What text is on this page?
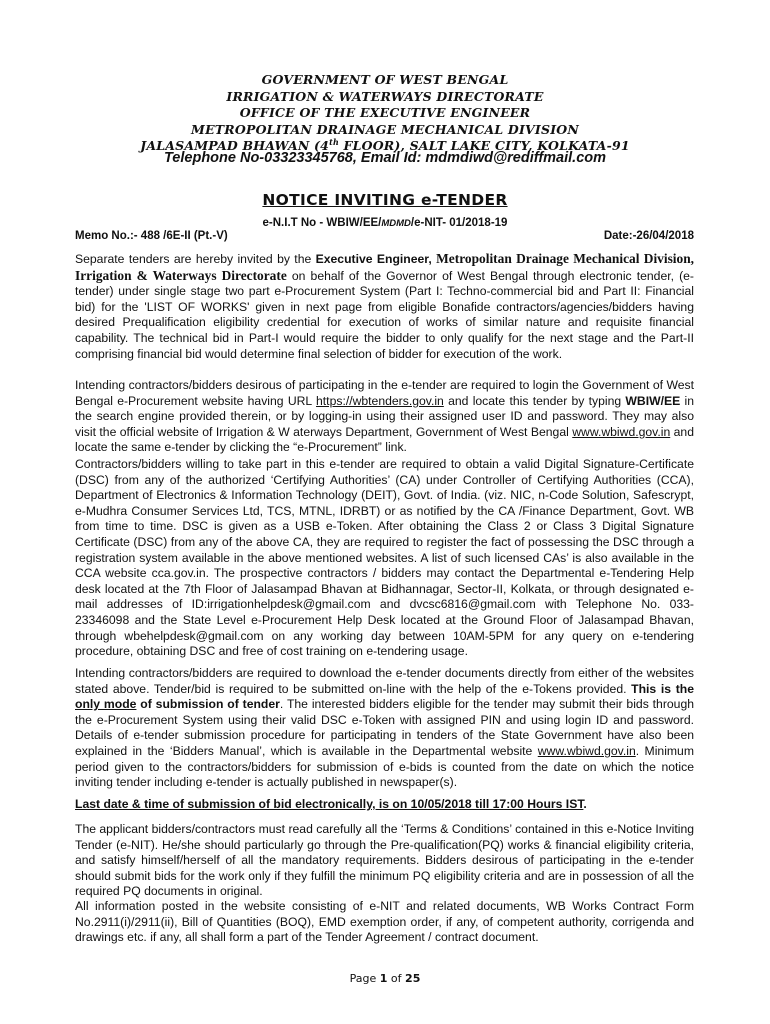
GOVERNMENT OF WEST BENGAL
IRRIGATION & WATERWAYS DIRECTORATE
OFFICE OF THE EXECUTIVE ENGINEER
METROPOLITAN DRAINAGE MECHANICAL DIVISION
JALASAMPAD BHAWAN (4th FLOOR), SALT LAKE CITY, KOLKATA-91
Telephone No-03323345768, Email Id: mdmdiwd@rediffmail.com
NOTICE INVITING e-TENDER
e-N.I.T No - WBIW/EE/MDMD/e-NIT- 01/2018-19
Memo No.:- 488 /6E-II (Pt.-V)	Date:-26/04/2018

Separate tenders are hereby invited by the Executive Engineer, Metropolitan Drainage Mechanical Division, Irrigation & Waterways Directorate on behalf of the Governor of West Bengal through electronic tender, (e-tender) under single stage two part e-Procurement System (Part I: Techno-commercial bid and Part II: Financial bid) for the 'LIST OF WORKS' given in next page from eligible Bonafide contractors/agencies/bidders having desired Prequalification eligibility credential for execution of works of similar nature and requisite financial capability. The technical bid in Part-I would require the bidder to only qualify for the next stage and the Part-II comprising financial bid would determine final selection of bidder for execution of the work.

Intending contractors/bidders desirous of participating in the e-tender are required to login the Government of West Bengal e-Procurement website having URL https://wbtenders.gov.in and locate this tender by typing WBIW/EE in the search engine provided therein, or by logging-in using their assigned user ID and password. They may also visit the official website of Irrigation & W aterways Department, Government of West Bengal www.wbiwd.gov.in and locate the same e-tender by clicking the “e-Procurement” link.

Contractors/bidders willing to take part in this e-tender are required to obtain a valid Digital Signature-Certificate (DSC) from any of the authorized ‘Certifying Authorities’ (CA) under Controller of Certifying Authorities (CCA), Department of Electronics & Information Technology (DEIT), Govt. of India. (viz. NIC, n-Code Solution, Safescrypt, e-Mudhra Consumer Services Ltd, TCS, MTNL, IDRBT) or as notified by the CA /Finance Department, Govt. WB from time to time. DSC is given as a USB e-Token. After obtaining the Class 2 or Class 3 Digital Signature Certificate (DSC) from any of the above CA, they are required to register the fact of possessing the DSC through a registration system available in the above mentioned websites. A list of such licensed CAs’ is also available in the CCA website cca.gov.in. The prospective contractors / bidders may contact the Departmental e-Tendering Help desk located at the 7th Floor of Jalasampad Bhavan at Bidhannagar, Sector-II, Kolkata, or through designated e-mail addresses of ID:irrigationhelpdesk@gmail.com and dvcsc6816@gmail.com with Telephone No. 033-23346098 and the State Level e-Procurement Help Desk located at the Ground Floor of Jalasampad Bhavan, through wbehelpdesk@gmail.com on any working day between 10AM-5PM for any query on e-tendering procedure, obtaining DSC and free of cost training on e-tendering usage.

Intending contractors/bidders are required to download the e-tender documents directly from either of the websites stated above. Tender/bid is required to be submitted on-line with the help of the e-Tokens provided. This is the only mode of submission of tender. The interested bidders eligible for the tender may submit their bids through the e-Procurement System using their valid DSC e-Token with assigned PIN and using login ID and password. Details of e-tender submission procedure for participating in tenders of the State Government have also been explained in the ‘Bidders Manual’, which is available in the Departmental website www.wbiwd.gov.in. Minimum period given to the contractors/bidders for submission of e-bids is counted from the date on which the notice inviting tender including e-tender is actually published in newspaper(s).

Last date & time of submission of bid electronically, is on 10/05/2018 till 17:00 Hours IST.

The applicant bidders/contractors must read carefully all the ‘Terms & Conditions’ contained in this e-Notice Inviting Tender (e-NIT). He/she should particularly go through the Pre-qualification(PQ) works & financial eligibility criteria, and satisfy himself/herself of all the mandatory requirements. Bidders desirous of participating in the e-tender should submit bids for the work only if they fulfill the minimum PQ eligibility criteria and are in possession of all the required PQ documents in original.

All information posted in the website consisting of e-NIT and related documents, WB Works Contract Form No.2911(i)/2911(ii), Bill of Quantities (BOQ), EMD exemption order, if any, of competent authority, corrigenda and drawings etc. if any, all shall form a part of the Tender Agreement / contract document.

Page 1 of 25
